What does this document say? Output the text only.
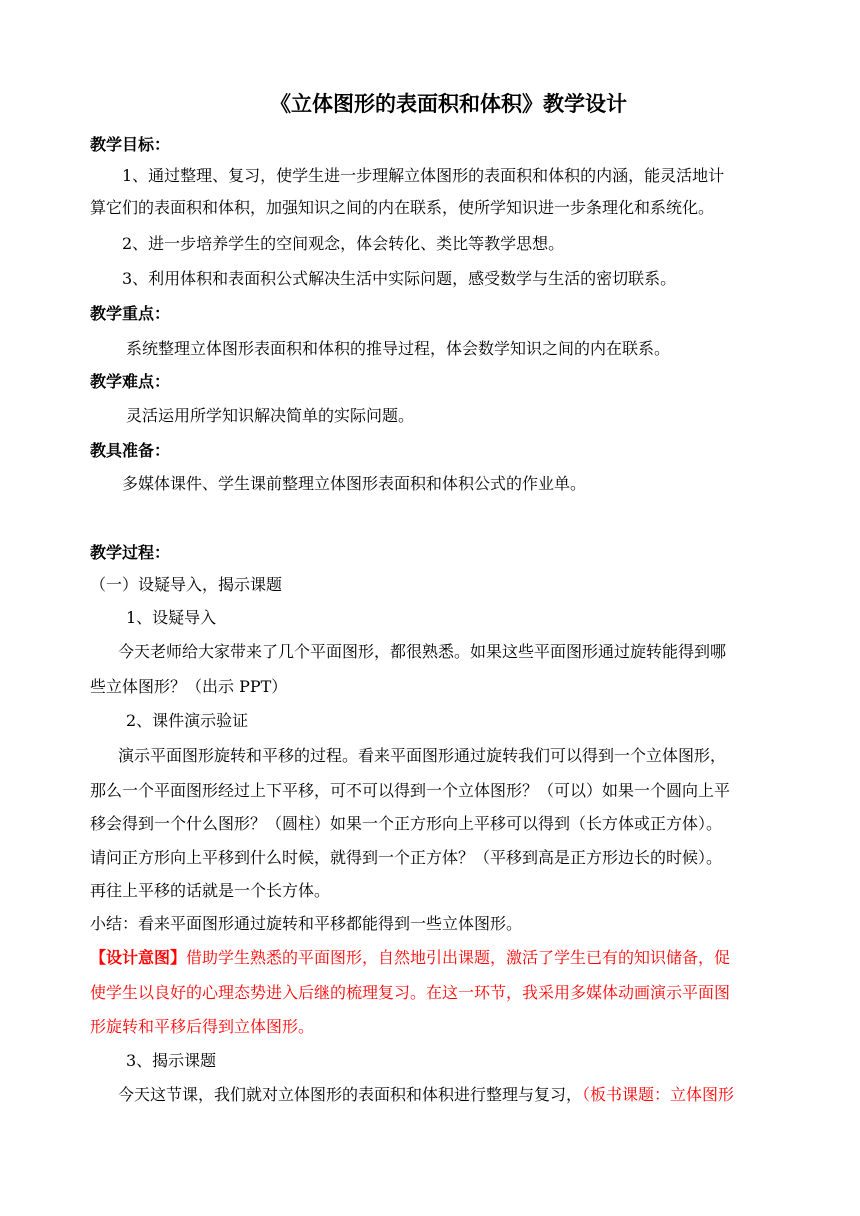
《立体图形的表面积和体积》教学设计
教学目标：
1、通过整理、复习，使学生进一步理解立体图形的表面积和体积的内涵，能灵活地计
算它们的表面积和体积，加强知识之间的内在联系，使所学知识进一步条理化和系统化。
2、进一步培养学生的空间观念，体会转化、类比等教学思想。
3、利用体积和表面积公式解决生活中实际问题，感受数学与生活的密切联系。
教学重点：
系统整理立体图形表面积和体积的推导过程，体会数学知识之间的内在联系。
教学难点：
灵活运用所学知识解决简单的实际问题。
教具准备：
多媒体课件、学生课前整理立体图形表面积和体积公式的作业单。
教学过程：
（一）设疑导入，揭示课题
1、设疑导入
今天老师给大家带来了几个平面图形，都很熟悉。如果这些平面图形通过旋转能得到哪
些立体图形？（出示 PPT）
2、课件演示验证
演示平面图形旋转和平移的过程。看来平面图形通过旋转我们可以得到一个立体图形，
那么一个平面图形经过上下平移，可不可以得到一个立体图形？（可以）如果一个圆向上平
移会得到一个什么图形？（圆柱）如果一个正方形向上平移可以得到（长方体或正方体）。
请问正方形向上平移到什么时候，就得到一个正方体？（平移到高是正方形边长的时候）。
再往上平移的话就是一个长方体。
小结：看来平面图形通过旋转和平移都能得到一些立体图形。
【设计意图】借助学生熟悉的平面图形，自然地引出课题，激活了学生已有的知识储备，促
使学生以良好的心理态势进入后继的梳理复习。在这一环节，我采用多媒体动画演示平面图
形旋转和平移后得到立体图形。
3、揭示课题
今天这节课，我们就对立体图形的表面积和体积进行整理与复习，（板书课题：立体图形
